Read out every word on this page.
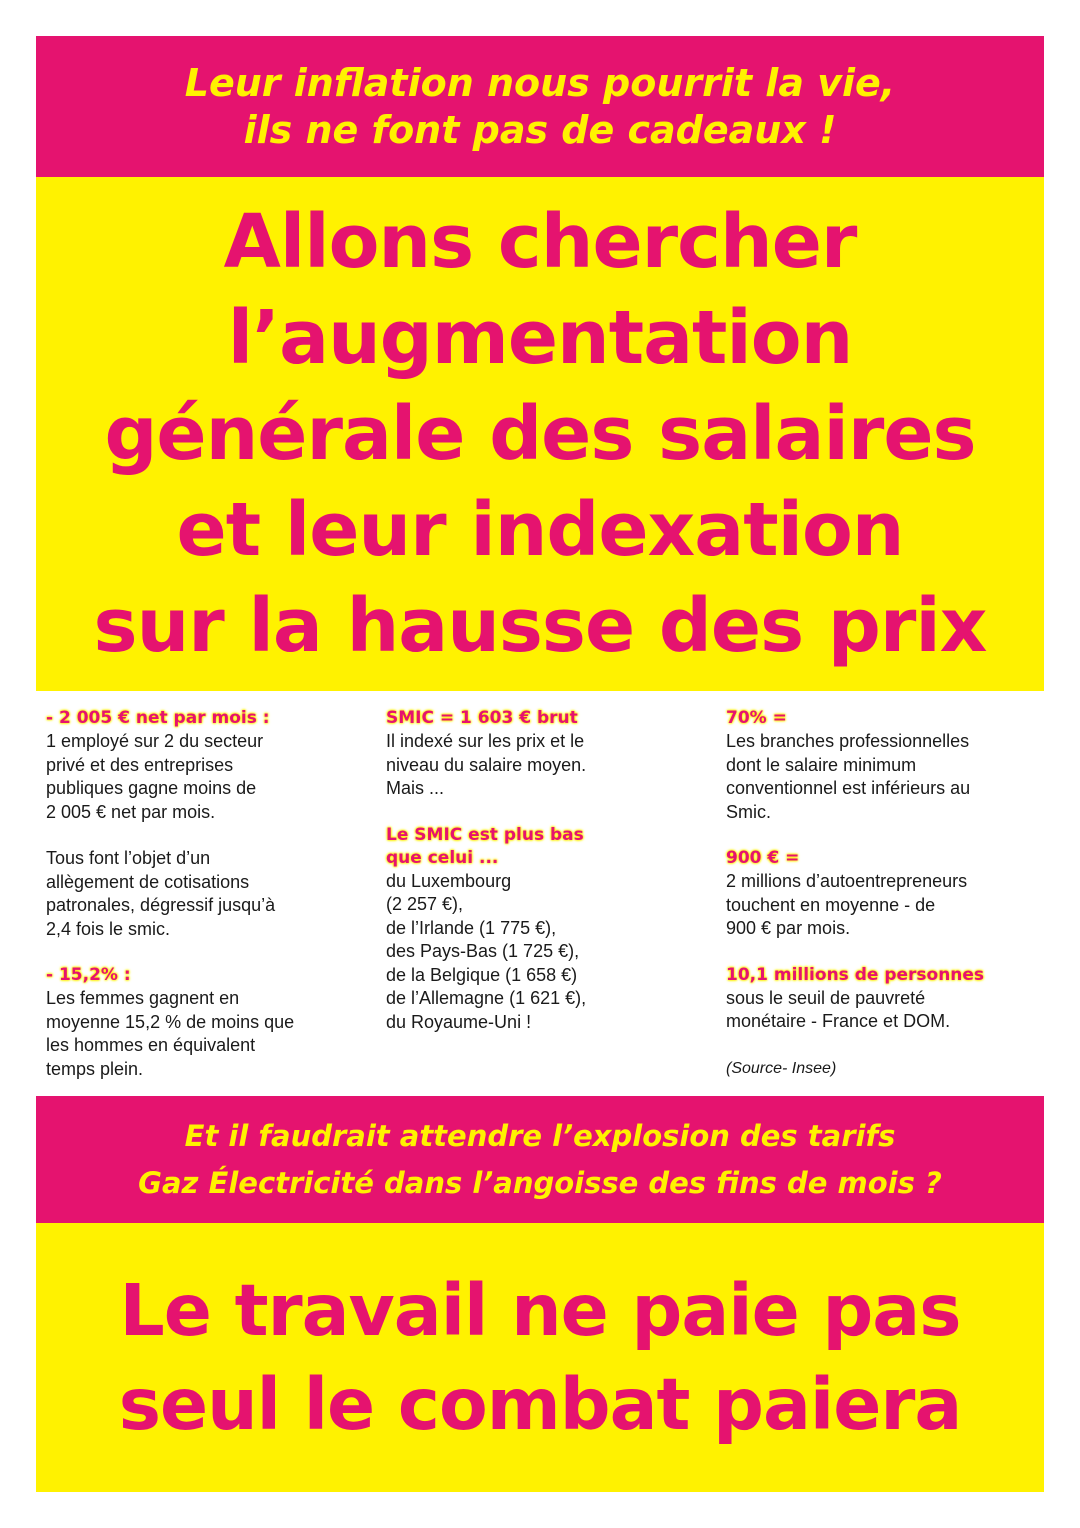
Leur inflation nous pourrit la vie,
ils ne font pas de cadeaux !
Allons chercher
l’augmentation
générale des salaires
et leur indexation
sur la hausse des prix
- 2 005 € net par mois :
1 employé sur 2 du secteur
privé et des entreprises
publiques gagne moins de
2 005 € net par mois.
Tous font l’objet d’un
allègement de cotisations
patronales, dégressif jusqu’à
2,4 fois le smic.
- 15,2% :
Les femmes gagnent en
moyenne 15,2 % de moins que
les hommes en équivalent
temps plein.
SMIC = 1 603 € brut
Il indexé sur les prix et le
niveau du salaire moyen.
Mais ...
Le SMIC est plus bas
que celui ...
du Luxembourg
(2 257 €),
de l’Irlande (1 775 €),
des Pays-Bas (1 725 €),
de la Belgique (1 658 €)
de l’Allemagne (1 621 €),
du Royaume-Uni !
70% =
Les branches professionnelles
dont le salaire minimum
conventionnel est inférieurs au
Smic.
900 € =
2 millions d’autoentrepreneurs
touchent en moyenne - de
900 € par mois.
10,1 millions de personnes
sous le seuil de pauvreté
monétaire - France et DOM.
(Source- Insee)
Et il faudrait attendre l’explosion des tarifs
Gaz Électricité dans l’angoisse des fins de mois ?
Le travail ne paie pas
seul le combat paiera
